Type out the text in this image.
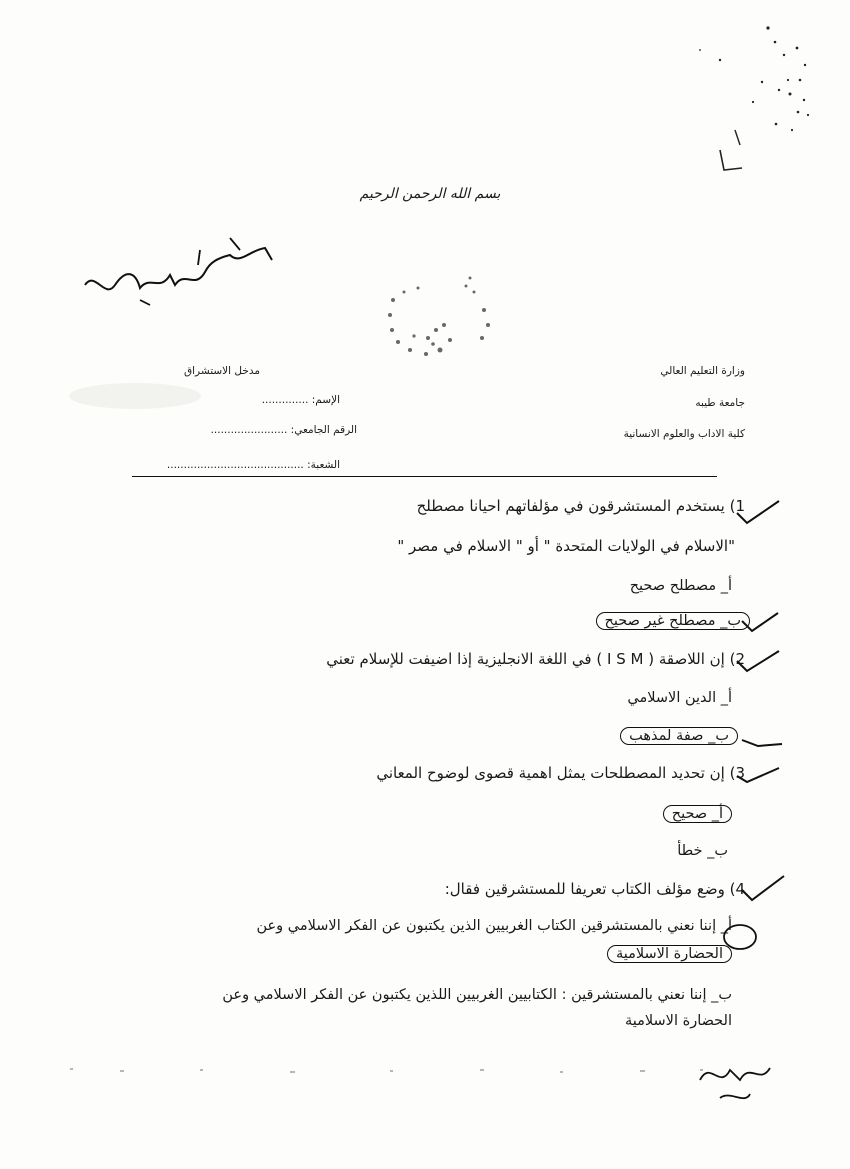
بسم الله الرحمن الرحيم
وزارة التعليم العالي
مدخل الاستشراق
جامعة طيبه
الإسم: ..............
كلية الاداب والعلوم الانسانية
الرقم الجامعي: .......................
الشعبة: .........................................
1) يستخدم المستشرقون في مؤلفاتهم احيانا مصطلح
"الاسلام في الولايات المتحدة " أو " الاسلام في مصر "
أ_ مصطلح صحيح
ب_ مصطلح غير صحيح
2) إن اللاصقة ( I S M ) في اللغة الانجليزية إذا اضيفت للإسلام تعني
أ_ الدين الاسلامي
ب_ صفة لمذهب
3) إن تحديد المصطلحات يمثل اهمية قصوى لوضوح المعاني
أ_ صحيح
ب_ خطأ
4) وضع مؤلف الكتاب تعريفا للمستشرقين فقال:
أ_ إننا نعني بالمستشرقين الكتاب الغربيين الذين يكتبون عن الفكر الاسلامي وعن
الحضارة الاسلامية
ب_ إننا نعني بالمستشرقين : الكتابيين الغربيين اللذين يكتبون عن الفكر الاسلامي وعن
الحضارة الاسلامية
